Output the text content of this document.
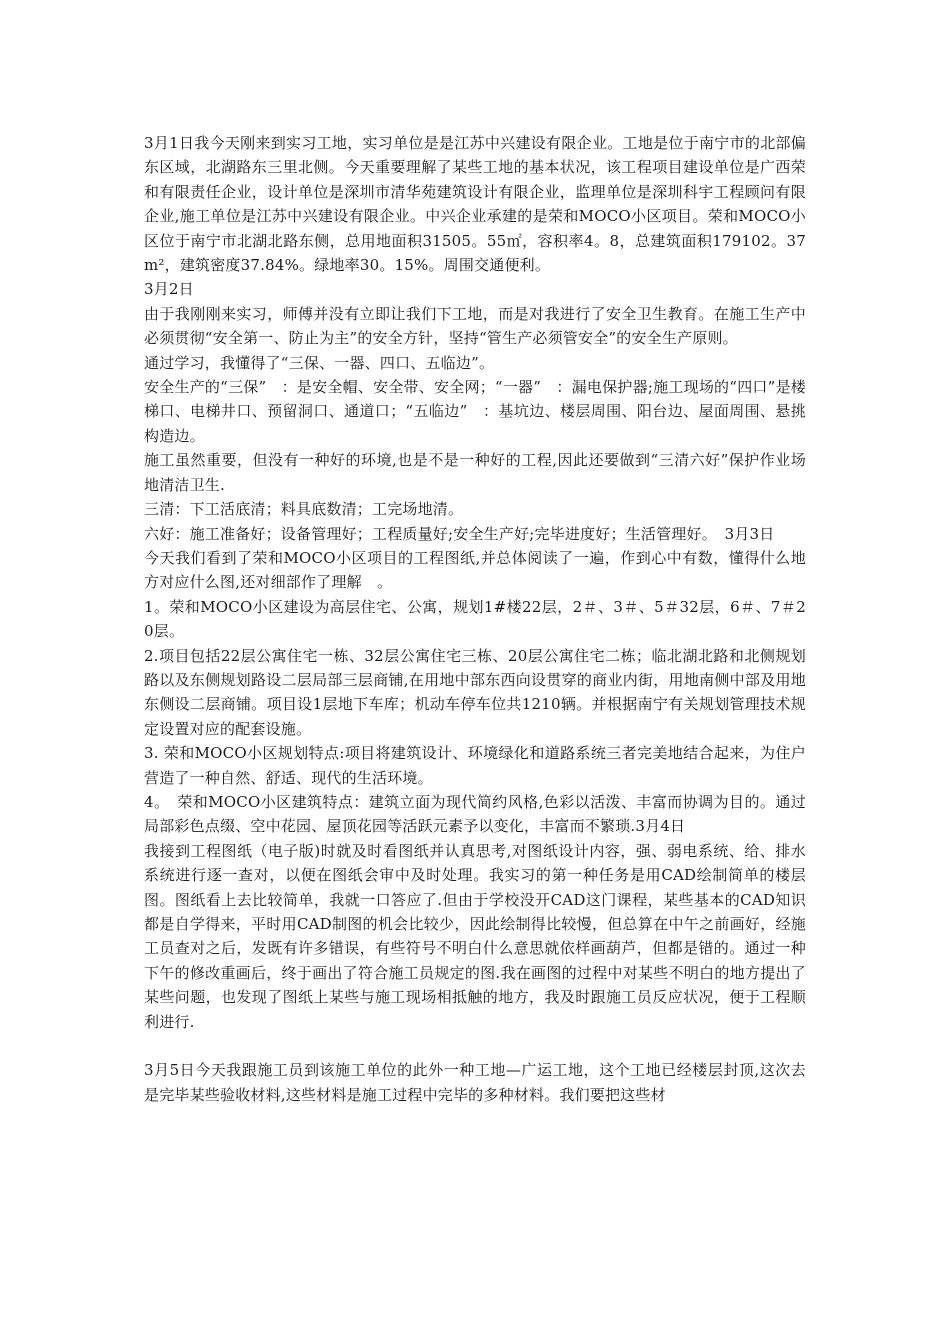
3月1日我今天刚来到实习工地，实习单位是是江苏中兴建设有限企业。工地是位于南宁市的北部偏东区域，北湖路东三里北侧。今天重要理解了某些工地的基本状况，该工程项目建设单位是广西荣和有限责任企业，设计单位是深圳市清华苑建筑设计有限企业，监理单位是深圳科宇工程顾问有限企业,施工单位是江苏中兴建设有限企业。中兴企业承建的是荣和MOCO小区项目。荣和MOCO小区位于南宁市北湖北路东侧，总用地面积31505。55㎡，容积率4。8，总建筑面积179102。37m²，建筑密度37.84%。绿地率30。15%。周围交通便利。

3月2日

由于我刚刚来实习，师傅并没有立即让我们下工地，而是对我进行了安全卫生教育。在施工生产中必须贯彻“安全第一、防止为主”的安全方针，坚持“管生产必须管安全”的安全生产原则。

通过学习，我懂得了“三保、一器、四口、五临边”。

安全生产的“三保”　：是安全帽、安全带、安全网；“一器”　：漏电保护器;施工现场的“四口”是楼梯口、电梯井口、预留洞口、通道口；“五临边”　：基坑边、楼层周围、阳台边、屋面周围、悬挑构造边。

施工虽然重要，但没有一种好的环境,也是不是一种好的工程,因此还要做到“三清六好”保护作业场地清洁卫生.

三清：下工活底清；料具底数清；工完场地清。

六好：施工准备好；设备管理好；工程质量好;安全生产好;完毕进度好；生活管理好。　3月3日

今天我们看到了荣和MOCO小区项目的工程图纸,并总体阅读了一遍，作到心中有数，懂得什么地方对应什么图,还对细部作了理解　。

1。荣和MOCO小区建设为高层住宅、公寓，规划1#楼22层，2＃、3＃、5＃32层，6＃、7＃20层。

2.项目包括22层公寓住宅一栋、32层公寓住宅三栋、20层公寓住宅二栋；临北湖北路和北侧规划路以及东侧规划路设二层局部三层商铺,在用地中部东西向设贯穿的商业内街，用地南侧中部及用地东侧设二层商铺。项目设1层地下车库；机动车停车位共1210辆。并根据南宁有关规划管理技术规定设置对应的配套设施。

3. 荣和MOCO小区规划特点:项目将建筑设计、环境绿化和道路系统三者完美地结合起来，为住户营造了一种自然、舒适、现代的生活环境。

4。　荣和MOCO小区建筑特点：建筑立面为现代简约风格,色彩以活泼、丰富而协调为目的。通过局部彩色点缀、空中花园、屋顶花园等活跃元素予以变化，丰富而不繁琐.3月4日

我接到工程图纸（电子版)时就及时看图纸并认真思考,对图纸设计内容，强、弱电系统、给、排水系统进行逐一查对，以便在图纸会审中及时处理。我实习的第一种任务是用CAD绘制简单的楼层图。图纸看上去比较简单，我就一口答应了.但由于学校没开CAD这门课程，某些基本的CAD知识都是自学得来，平时用CAD制图的机会比较少，因此绘制得比较慢，但总算在中午之前画好，经施工员查对之后，发既有许多错误，有些符号不明白什么意思就依样画葫芦，但都是错的。通过一种下午的修改重画后，终于画出了符合施工员规定的图.我在画图的过程中对某些不明白的地方提出了某些问题，也发现了图纸上某些与施工现场相抵触的地方，我及时跟施工员反应状况，便于工程顺利进行.

3月5日今天我跟施工员到该施工单位的此外一种工地—广运工地，这个工地已经楼层封顶,这次去是完毕某些验收材料,这些材料是施工过程中完毕的多种材料。我们要把这些材
